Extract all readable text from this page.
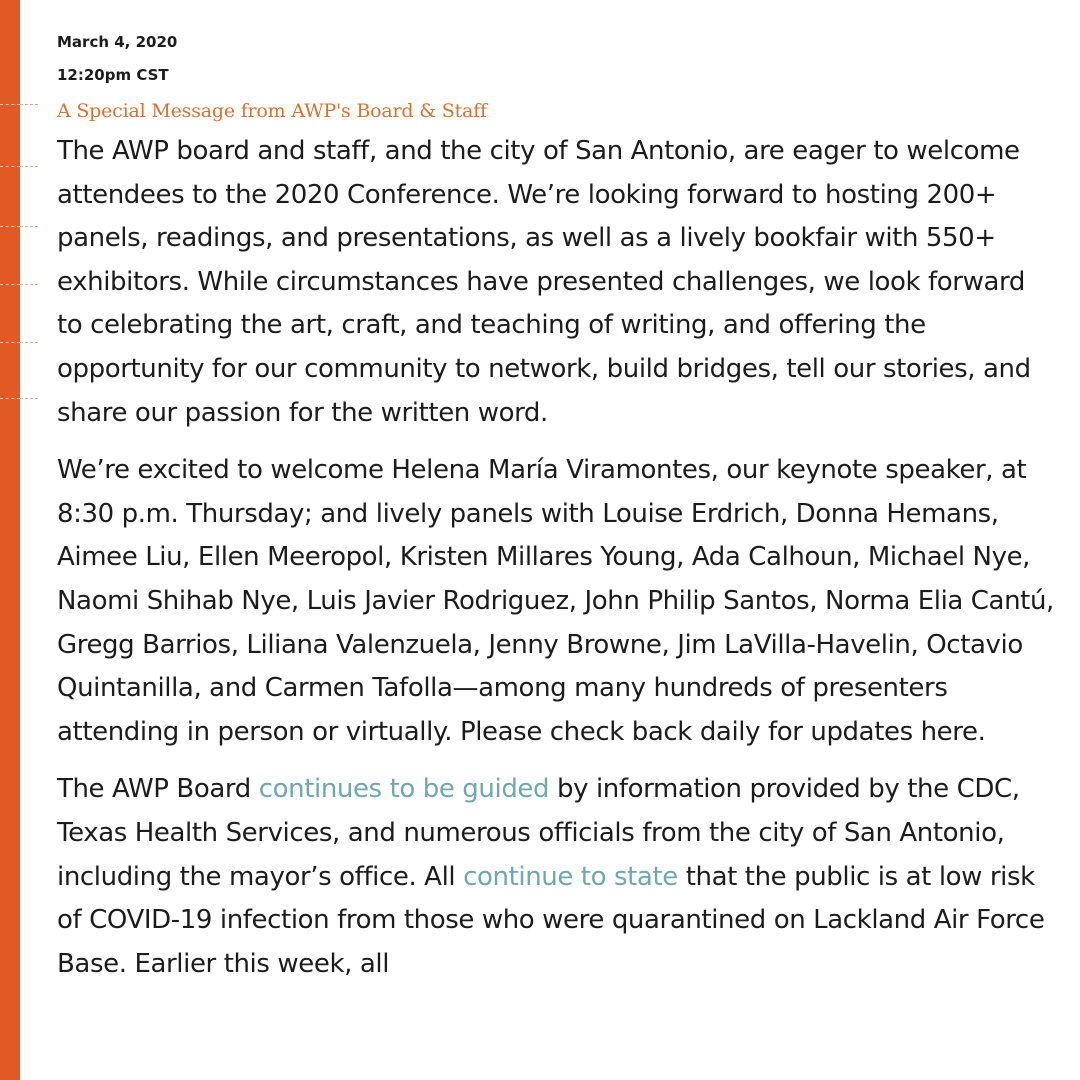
March 4, 2020
12:20pm CST
A Special Message from AWP's Board & Staff

The AWP board and staff, and the city of San Antonio, are eager to welcome attendees to the 2020 Conference. We’re looking forward to hosting 200+ panels, readings, and presentations, as well as a lively bookfair with 550+ exhibitors. While circumstances have presented challenges, we look forward to celebrating the art, craft, and teaching of writing, and offering the opportunity for our community to network, build bridges, tell our stories, and share our passion for the written word.

We’re excited to welcome Helena María Viramontes, our keynote speaker, at 8:30 p.m. Thursday; and lively panels with Louise Erdrich, Donna Hemans, Aimee Liu, Ellen Meeropol, Kristen Millares Young, Ada Calhoun, Michael Nye, Naomi Shihab Nye, Luis Javier Rodriguez, John Philip Santos, Norma Elia Cantú, Gregg Barrios, Liliana Valenzuela, Jenny Browne, Jim LaVilla-Havelin, Octavio Quintanilla, and Carmen Tafolla—among many hundreds of presenters attending in person or virtually. Please check back daily for updates here.

The AWP Board continues to be guided by information provided by the CDC, Texas Health Services, and numerous officials from the city of San Antonio, including the mayor’s office. All continue to state that the public is at low risk of COVID-19 infection from those who were quarantined on Lackland Air Force Base. Earlier this week, all
